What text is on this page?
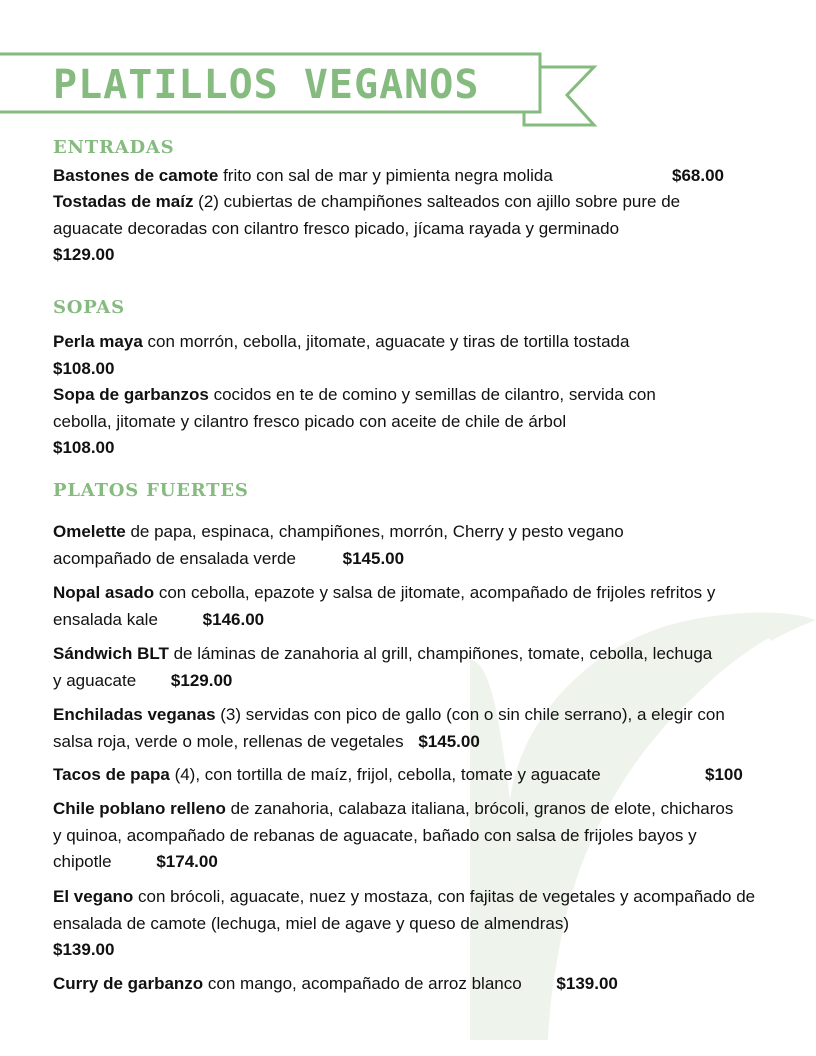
PLATILLOS VEGANOS
ENTRADAS
Bastones de camote frito con sal de mar y pimienta negra molida	$68.00
Tostadas de maíz (2) cubiertas de champiñones salteados con ajillo sobre pure de aguacate decoradas con cilantro fresco picado, jícama rayada y germinado
$129.00
SOPAS
Perla maya con morrón, cebolla, jitomate, aguacate y tiras de tortilla tostada
$108.00
Sopa de garbanzos cocidos en te de comino y semillas de cilantro, servida con cebolla, jitomate y cilantro fresco picado con aceite de chile de árbol
$108.00
PLATOS FUERTES
Omelette de papa, espinaca, champiñones, morrón, Cherry y pesto vegano acompañado de ensalada verde	$145.00
Nopal asado con cebolla, epazote y salsa de jitomate, acompañado de frijoles refritos y ensalada kale	$146.00
Sándwich BLT de láminas de zanahoria al grill, champiñones, tomate, cebolla, lechuga y aguacate $129.00
Enchiladas veganas (3) servidas con pico de gallo (con o sin chile serrano), a elegir con salsa roja, verde o mole, rellenas de vegetales $145.00
Tacos de papa (4), con tortilla de maíz, frijol, cebolla, tomate y aguacate	$100
Chile poblano relleno de zanahoria, calabaza italiana, brócoli, granos de elote, chicharos y quinoa, acompañado de rebanas de aguacate, bañado con salsa de frijoles bayos y chipotle	$174.00
El vegano con brócoli, aguacate, nuez y mostaza, con fajitas de vegetales y acompañado de ensalada de camote (lechuga, miel de agave y queso de almendras)
$139.00
Curry de garbanzo con mango, acompañado de arroz blanco $139.00
